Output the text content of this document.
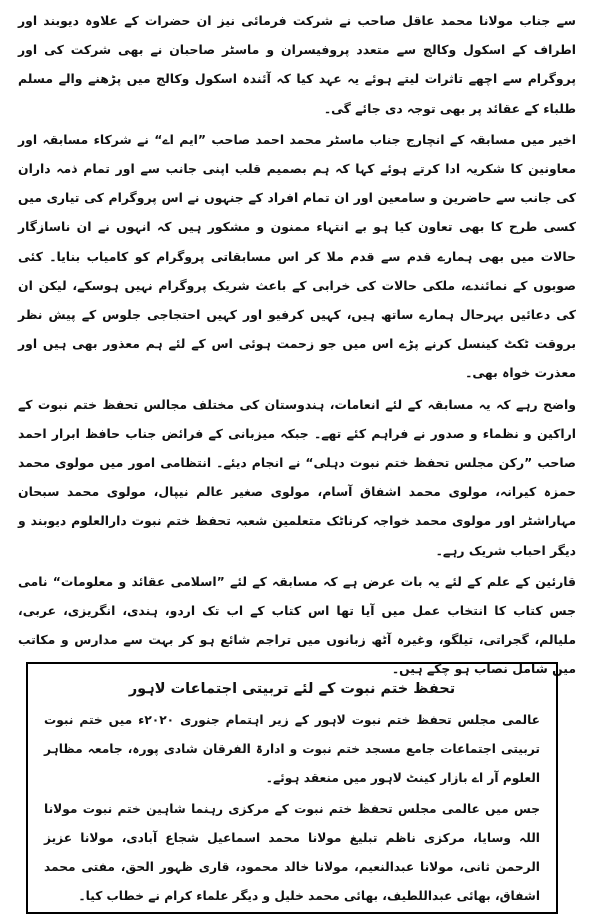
سے جناب مولانا محمد عاقل صاحب نے شرکت فرمائی نیز ان حضرات کے علاوہ دیوبند اور اطراف کے اسکول وکالج سے متعدد پروفیسران و ماسٹر صاحبان نے بھی شرکت کی اور پروگرام سے اچھے تاثرات لیتے ہوئے یہ عہد کیا کہ آئندہ اسکول وکالج میں پڑھنے والے مسلم طلباء کے عقائد پر بھی توجہ دی جائے گی۔

اخیر میں مسابقہ کے انچارج جناب ماسٹر محمد احمد صاحب ”ایم اے“ نے شرکاء مسابقہ اور معاونین کا شکریہ ادا کرتے ہوئے کہا کہ ہم بصمیم قلب اپنی جانب سے اور تمام ذمہ داران کی جانب سے حاضرین و سامعین اور ان تمام افراد کے جنہوں نے اس پروگرام کی تیاری میں کسی طرح کا بھی تعاون کیا ہو بے انتہاء ممنون و مشکور ہیں کہ انہوں نے ان ناسازگار حالات میں بھی ہمارے قدم سے قدم ملا کر اس مسابقاتی پروگرام کو کامیاب بنایا۔ کئی صوبوں کے نمائندے، ملکی حالات کی خرابی کے باعث شریک پروگرام نہیں ہوسکے، لیکن ان کی دعائیں بہرحال ہمارے ساتھ ہیں، کہیں کرفیو اور کہیں احتجاجی جلوس کے پیش نظر بروقت ٹکٹ کینسل کرنے پڑے اس میں جو زحمت ہوئی اس کے لئے ہم معذور بھی ہیں اور معذرت خواہ بھی۔

واضح رہے کہ یہ مسابقہ کے لئے انعامات، ہندوستان کی مختلف مجالس تحفظ ختم نبوت کے اراکین و نظماء و صدور نے فراہم کئے تھے۔ جبکہ میزبانی کے فرائض جناب حافظ ابرار احمد صاحب ”رکن مجلس تحفظ ختم نبوت دہلی“ نے انجام دیئے۔ انتظامی امور میں مولوی محمد حمزہ کیرانہ، مولوی محمد اشفاق آسام، مولوی صغیر عالم نیپال، مولوی محمد سبحان مہاراشٹر اور مولوی محمد خواجہ کرناٹک متعلمین شعبہ تحفظ ختم نبوت دارالعلوم دیوبند و دیگر احباب شریک رہے۔

قارئین کے علم کے لئے یہ بات عرض ہے کہ مسابقہ کے لئے ”اسلامی عقائد و معلومات“ نامی جس کتاب کا انتخاب عمل میں آیا تھا اس کتاب کے اب تک اردو، ہندی، انگریزی، عربی، ملیالم، گجراتی، تیلگو، وغیرہ آٹھ زبانوں میں تراجم شائع ہو کر بہت سے مدارس و مکاتب میں شامل نصاب ہو چکے ہیں۔

تحفظ ختم نبوت کے لئے تربیتی اجتماعات لاہور

عالمی مجلس تحفظ ختم نبوت لاہور کے زیر اہتمام جنوری ۲۰۲۰ء میں ختم نبوت تربیتی اجتماعات جامع مسجد ختم نبوت و ادارۃ الفرقان شادی پورہ، جامعہ مظاہر العلوم آر اے بازار کینٹ لاہور میں منعقد ہوئے۔

جس میں عالمی مجلس تحفظ ختم نبوت کے مرکزی رہنما شاہین ختم نبوت مولانا اللہ وسایا، مرکزی ناظم تبلیغ مولانا محمد اسماعیل شجاع آبادی، مولانا عزیز الرحمن ثانی، مولانا عبدالنعیم، مولانا خالد محمود، قاری ظہور الحق، مفتی محمد اشفاق، بھائی عبداللطیف، بھائی محمد خلیل و دیگر علماء کرام نے خطاب کیا۔
